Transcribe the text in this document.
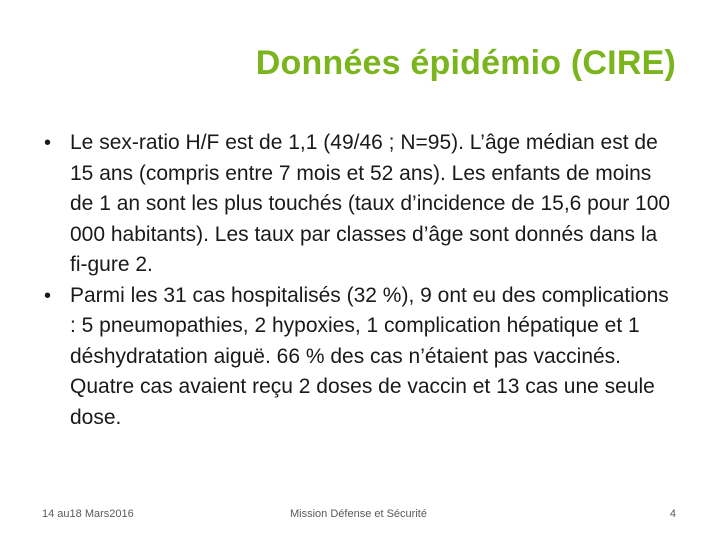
Données épidémio (CIRE)
• Le sex-ratio H/F est de 1,1 (49/46 ; N=95). L’âge médian est de 15 ans (compris entre 7 mois et 52 ans). Les enfants de moins de 1 an sont les plus touchés (taux d’incidence de 15,6 pour 100 000 habitants). Les taux par classes d’âge sont donnés dans la fi-gure 2.
• Parmi les 31 cas hospitalisés (32 %), 9 ont eu des complications : 5 pneumopathies, 2 hypoxies, 1 complication hépatique et 1 déshydratation aiguë. 66 % des cas n’étaient pas vaccinés. Quatre cas avaient reçu 2 doses de vaccin et 13 cas une seule dose.
14 au18 Mars2016	Mission Défense et Sécurité	4
